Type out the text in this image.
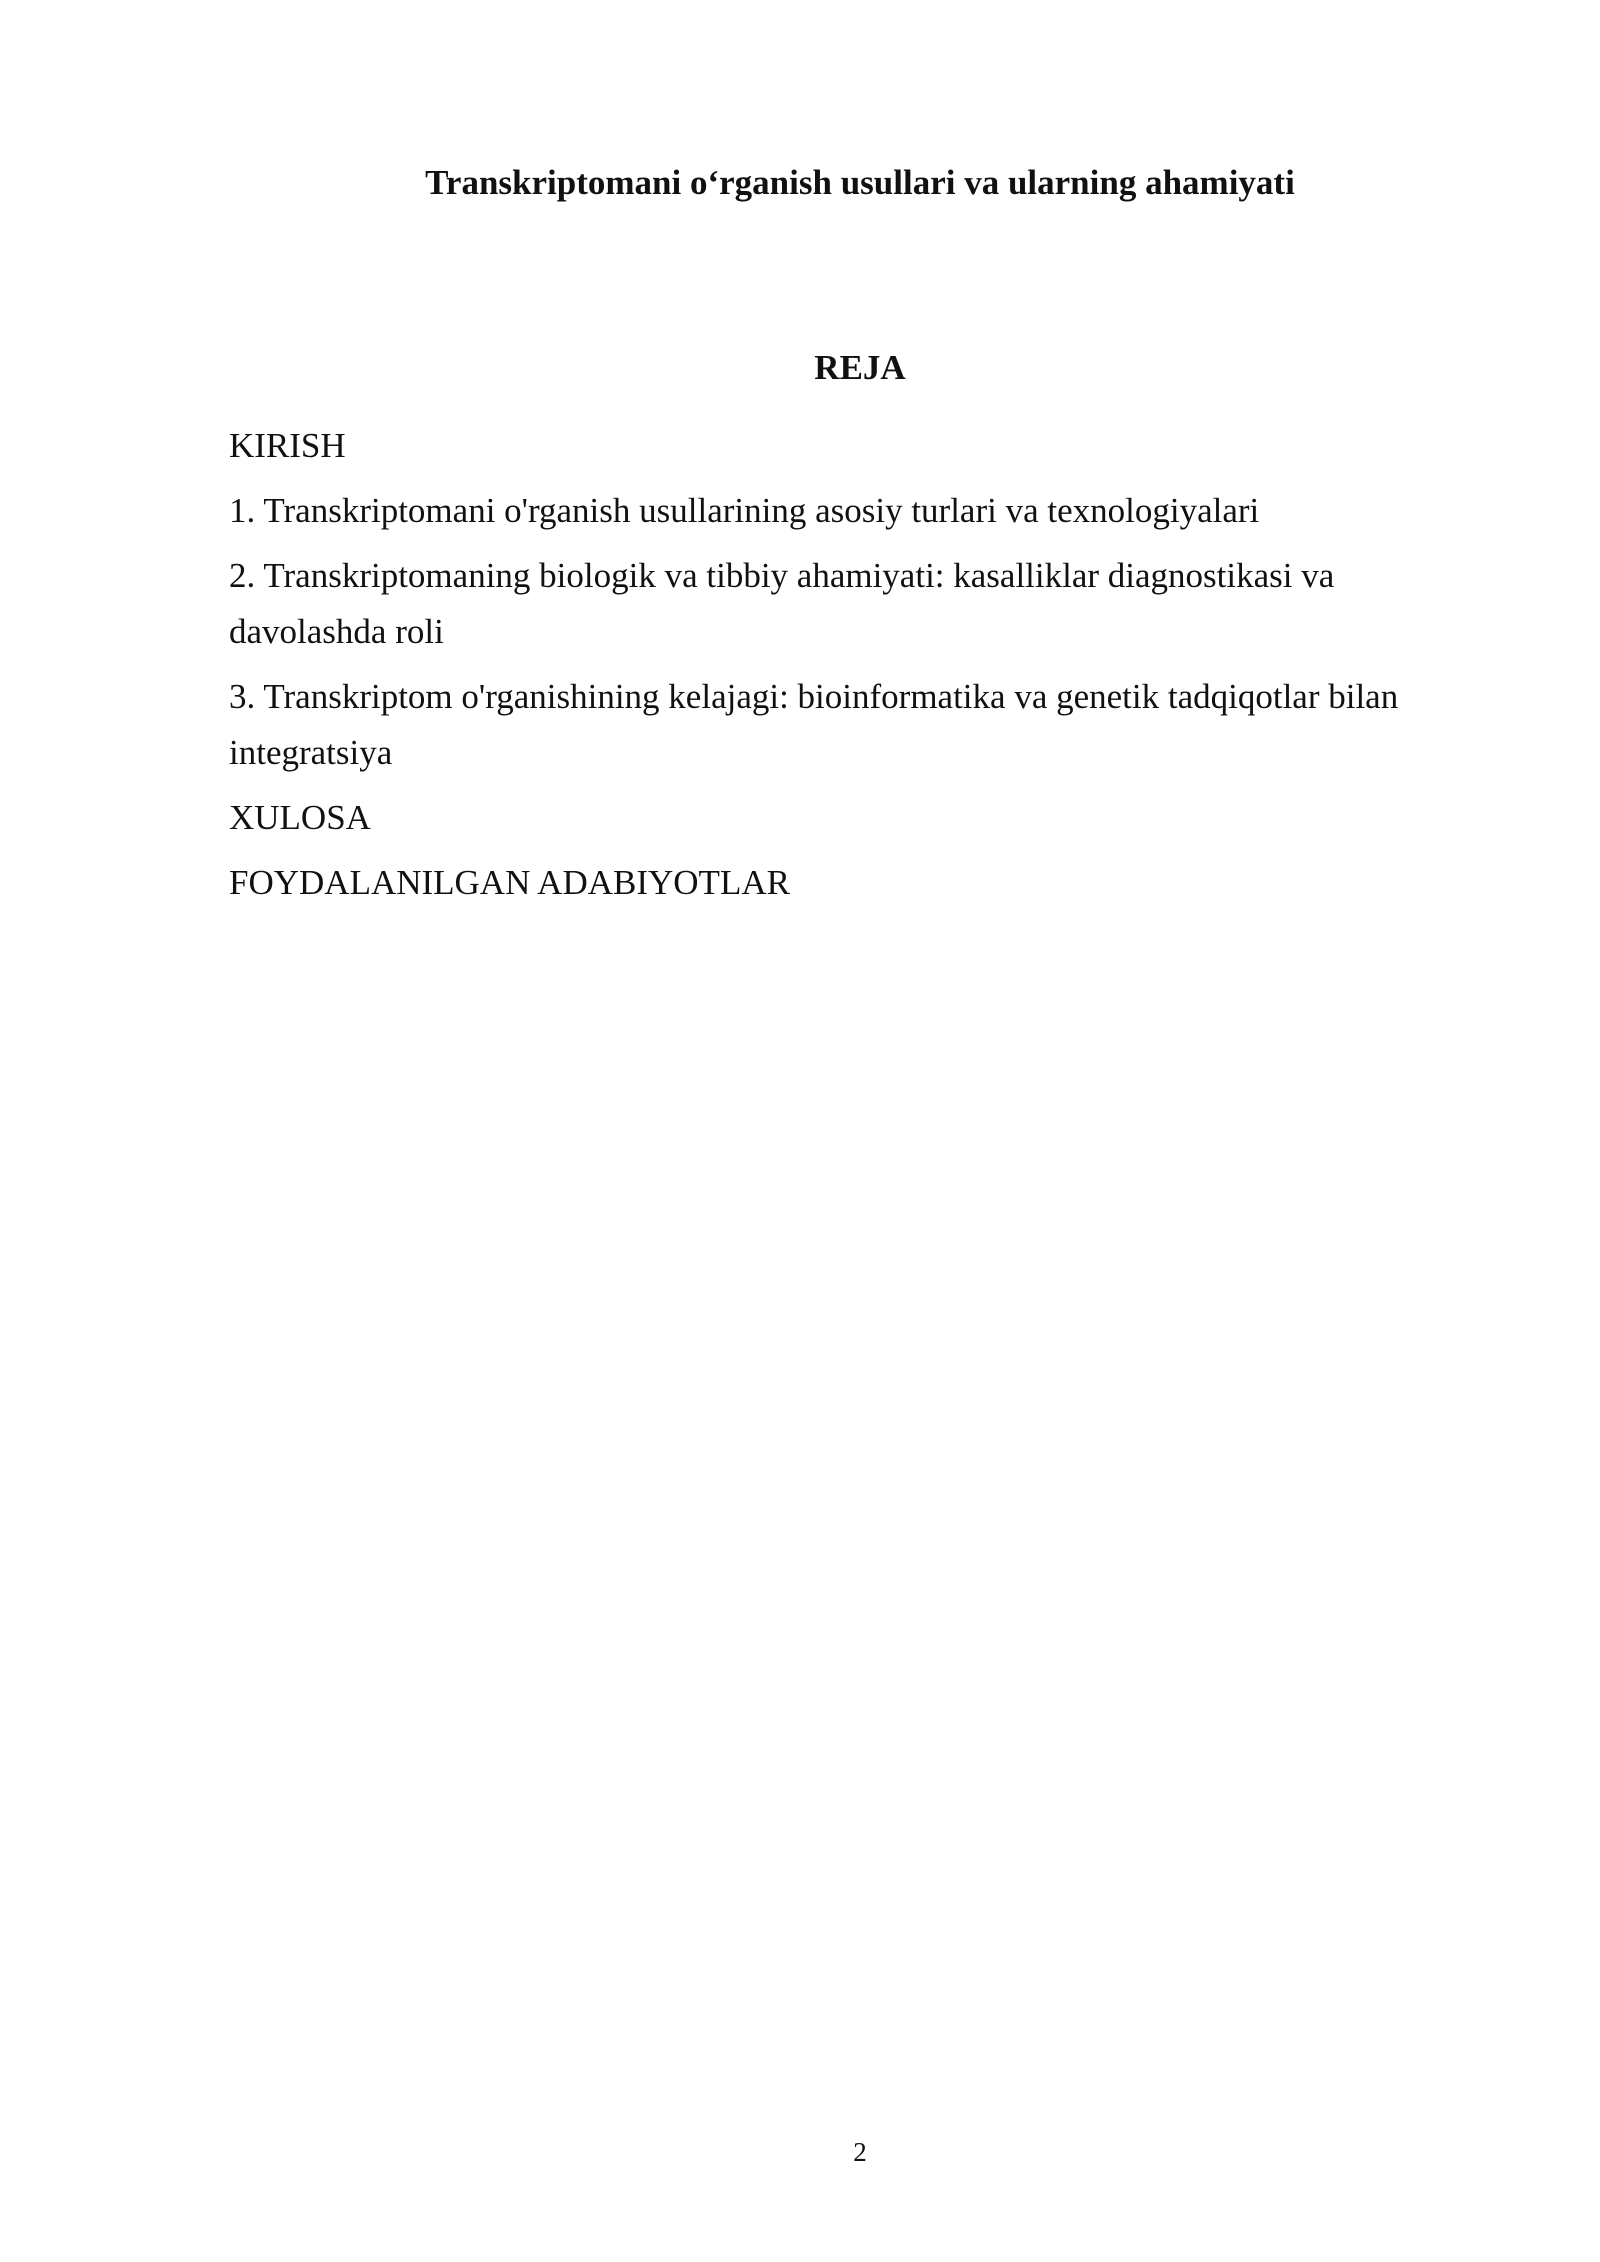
Transkriptomani o‘rganish usullari va ularning ahamiyati
REJA
KIRISH
1. Transkriptomani o'rganish usullarining asosiy turlari va texnologiyalari
2. Transkriptomaning biologik va tibbiy ahamiyati: kasalliklar diagnostikasi va davolashda roli
3. Transkriptom o'rganishining kelajagi: bioinformatika va genetik tadqiqotlar bilan integratsiya
XULOSA
FOYDALANILGAN ADABIYOTLAR
2
